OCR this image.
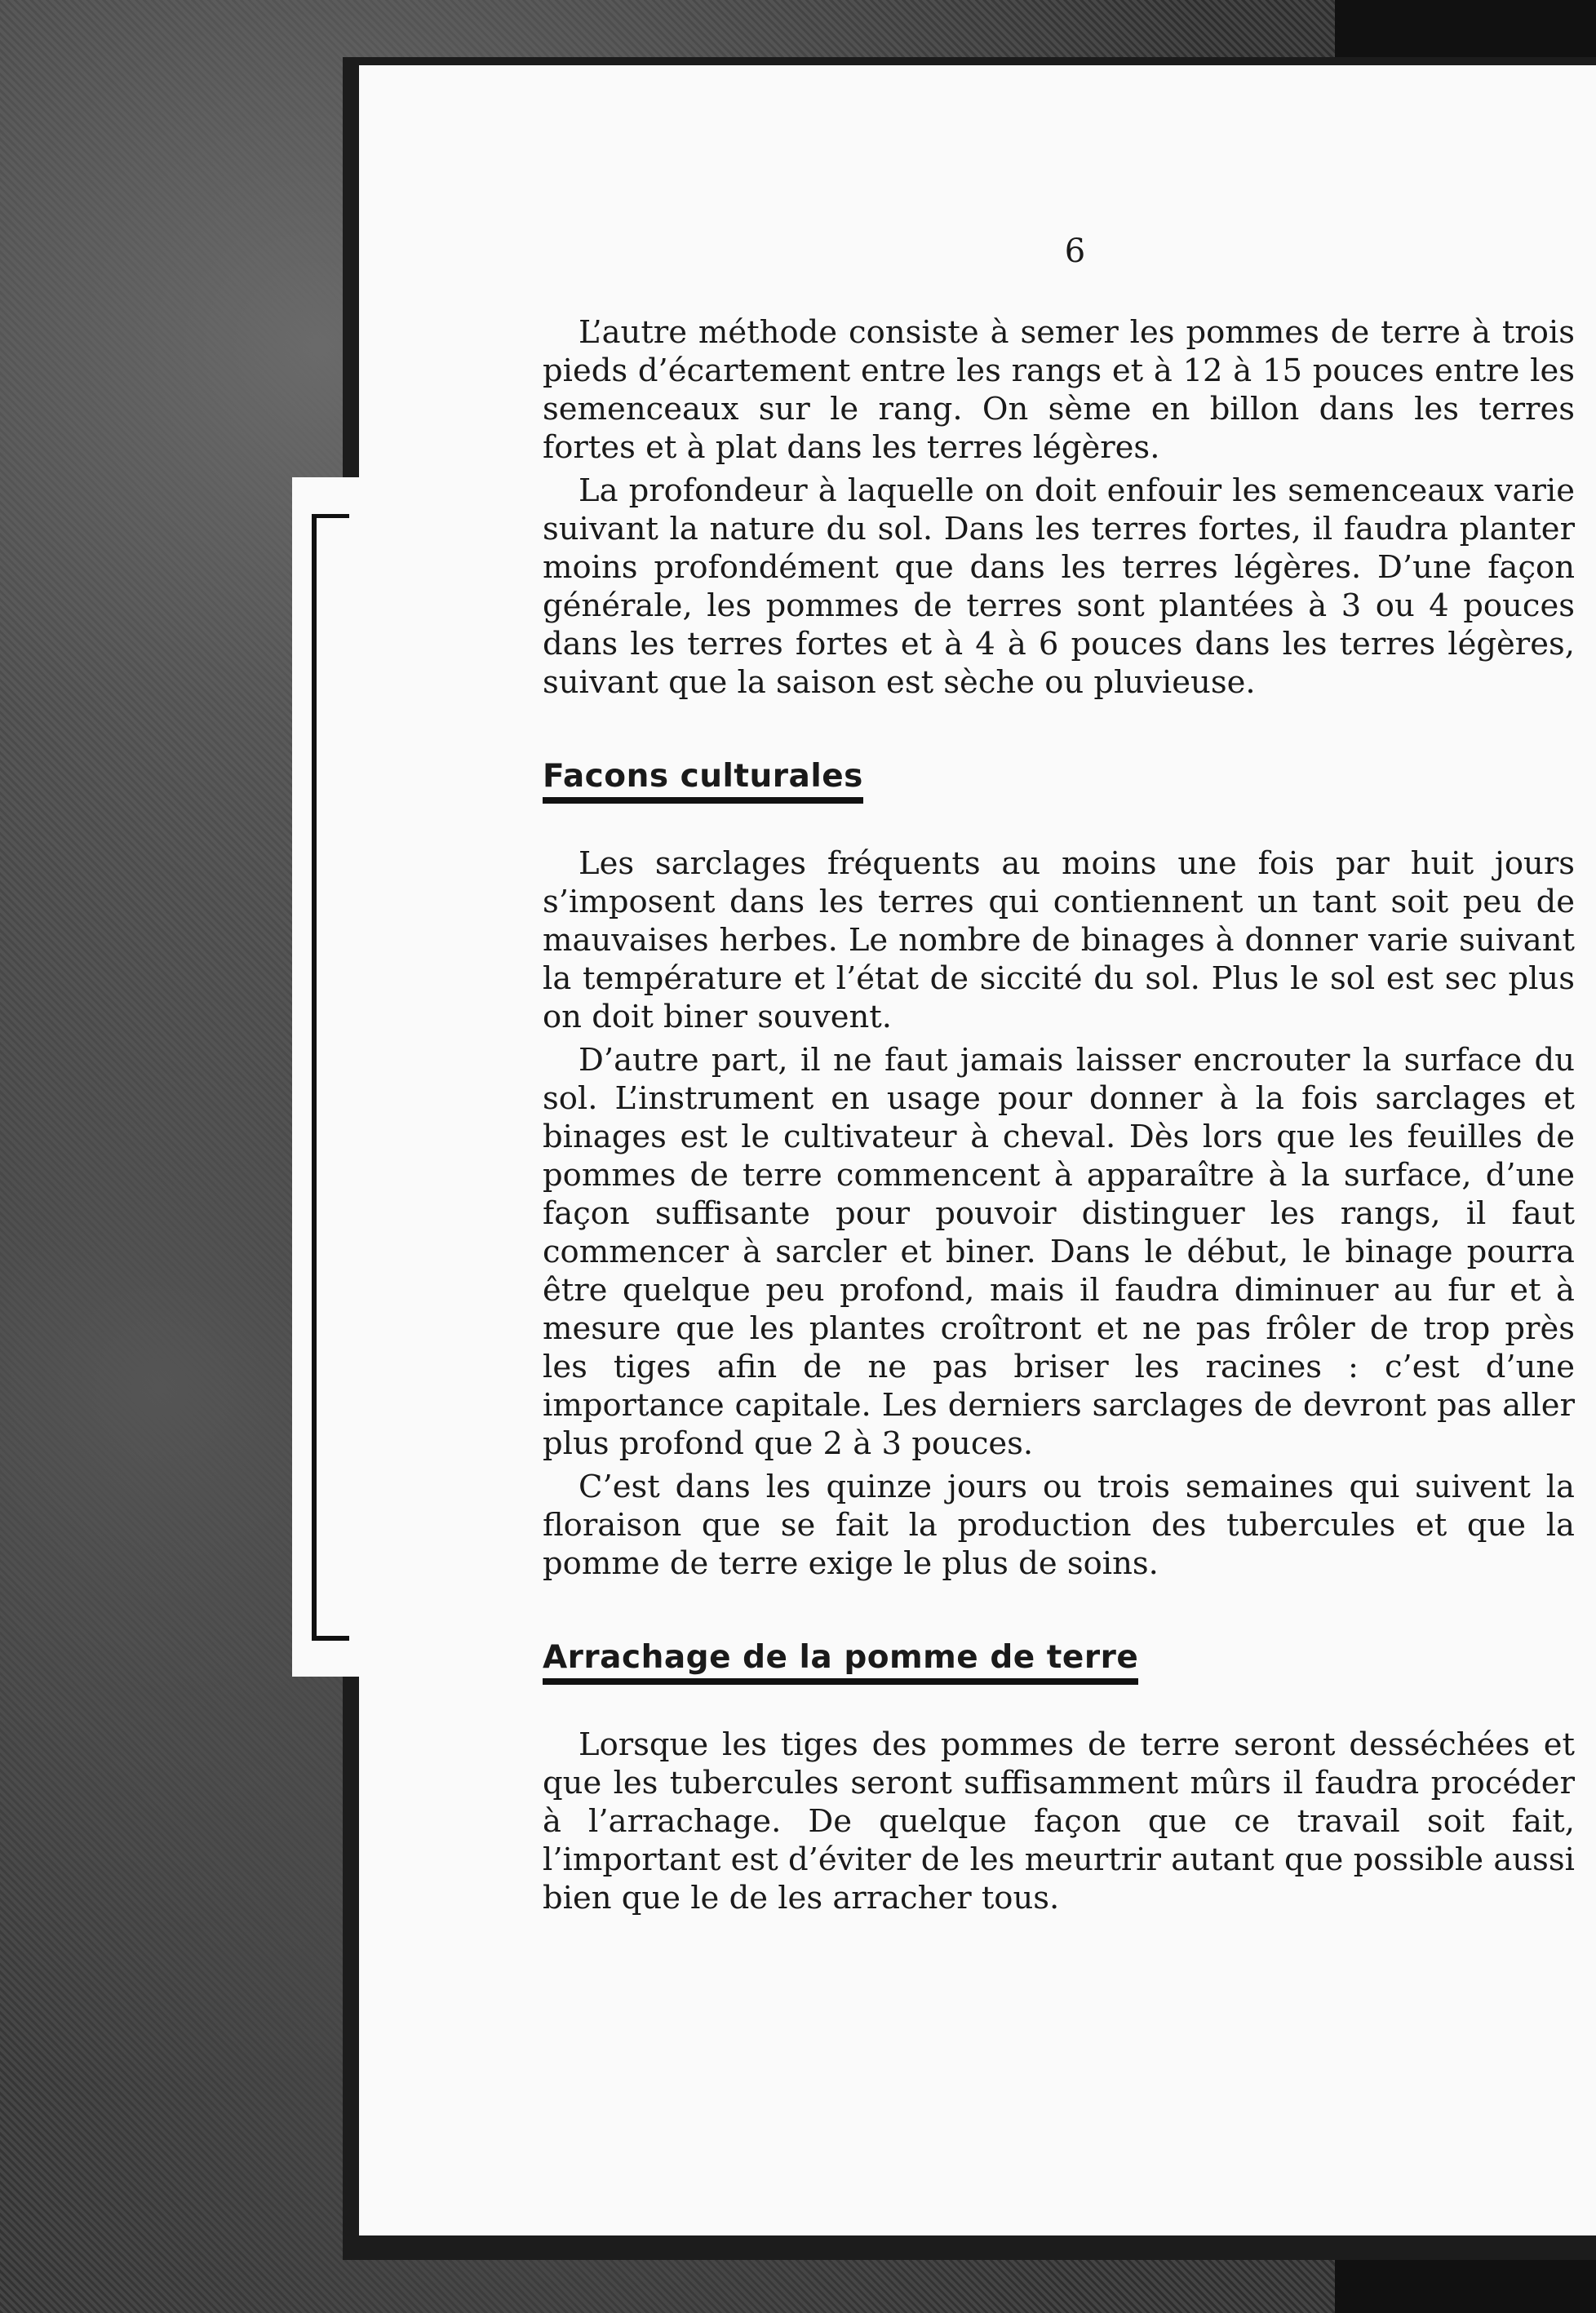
6

L’autre méthode consiste à semer les pommes de terre à trois pieds d’écartement entre les rangs et à 12 à 15 pouces entre les semenceaux sur le rang. On sème en billon dans les terres fortes et à plat dans les terres légères.

La profondeur à laquelle on doit enfouir les semenceaux varie suivant la nature du sol. Dans les terres fortes, il faudra planter moins profondément que dans les terres légères. D’une façon générale, les pommes de terres sont plantées à 3 ou 4 pouces dans les terres fortes et à 4 à 6 pouces dans les terres légères, suivant que la saison est sèche ou pluvieuse.

Facons culturales

Les sarclages fréquents au moins une fois par huit jours s’imposent dans les terres qui contiennent un tant soit peu de mauvaises herbes. Le nombre de binages à donner varie suivant la température et l’état de siccité du sol. Plus le sol est sec plus on doit biner souvent.

D’autre part, il ne faut jamais laisser encrouter la surface du sol. L’instrument en usage pour donner à la fois sarclages et binages est le cultivateur à cheval. Dès lors que les feuilles de pommes de terre commencent à apparaître à la surface, d’une façon suffisante pour pouvoir distinguer les rangs, il faut commencer à sarcler et biner. Dans le début, le binage pourra être quelque peu profond, mais il faudra diminuer au fur et à mesure que les plantes croîtront et ne pas frôler de trop près les tiges afin de ne pas briser les racines : c’est d’une importance capitale. Les derniers sarclages de devront pas aller plus profond que 2 à 3 pouces.

C’est dans les quinze jours ou trois semaines qui suivent la floraison que se fait la production des tubercules et que la pomme de terre exige le plus de soins.

Arrachage de la pomme de terre

Lorsque les tiges des pommes de terre seront desséchées et que les tubercules seront suffisamment mûrs il faudra procéder à l’arrachage. De quelque façon que ce travail soit fait, l’important est d’éviter de les meurtrir autant que possible aussi bien que le de les arracher tous.
